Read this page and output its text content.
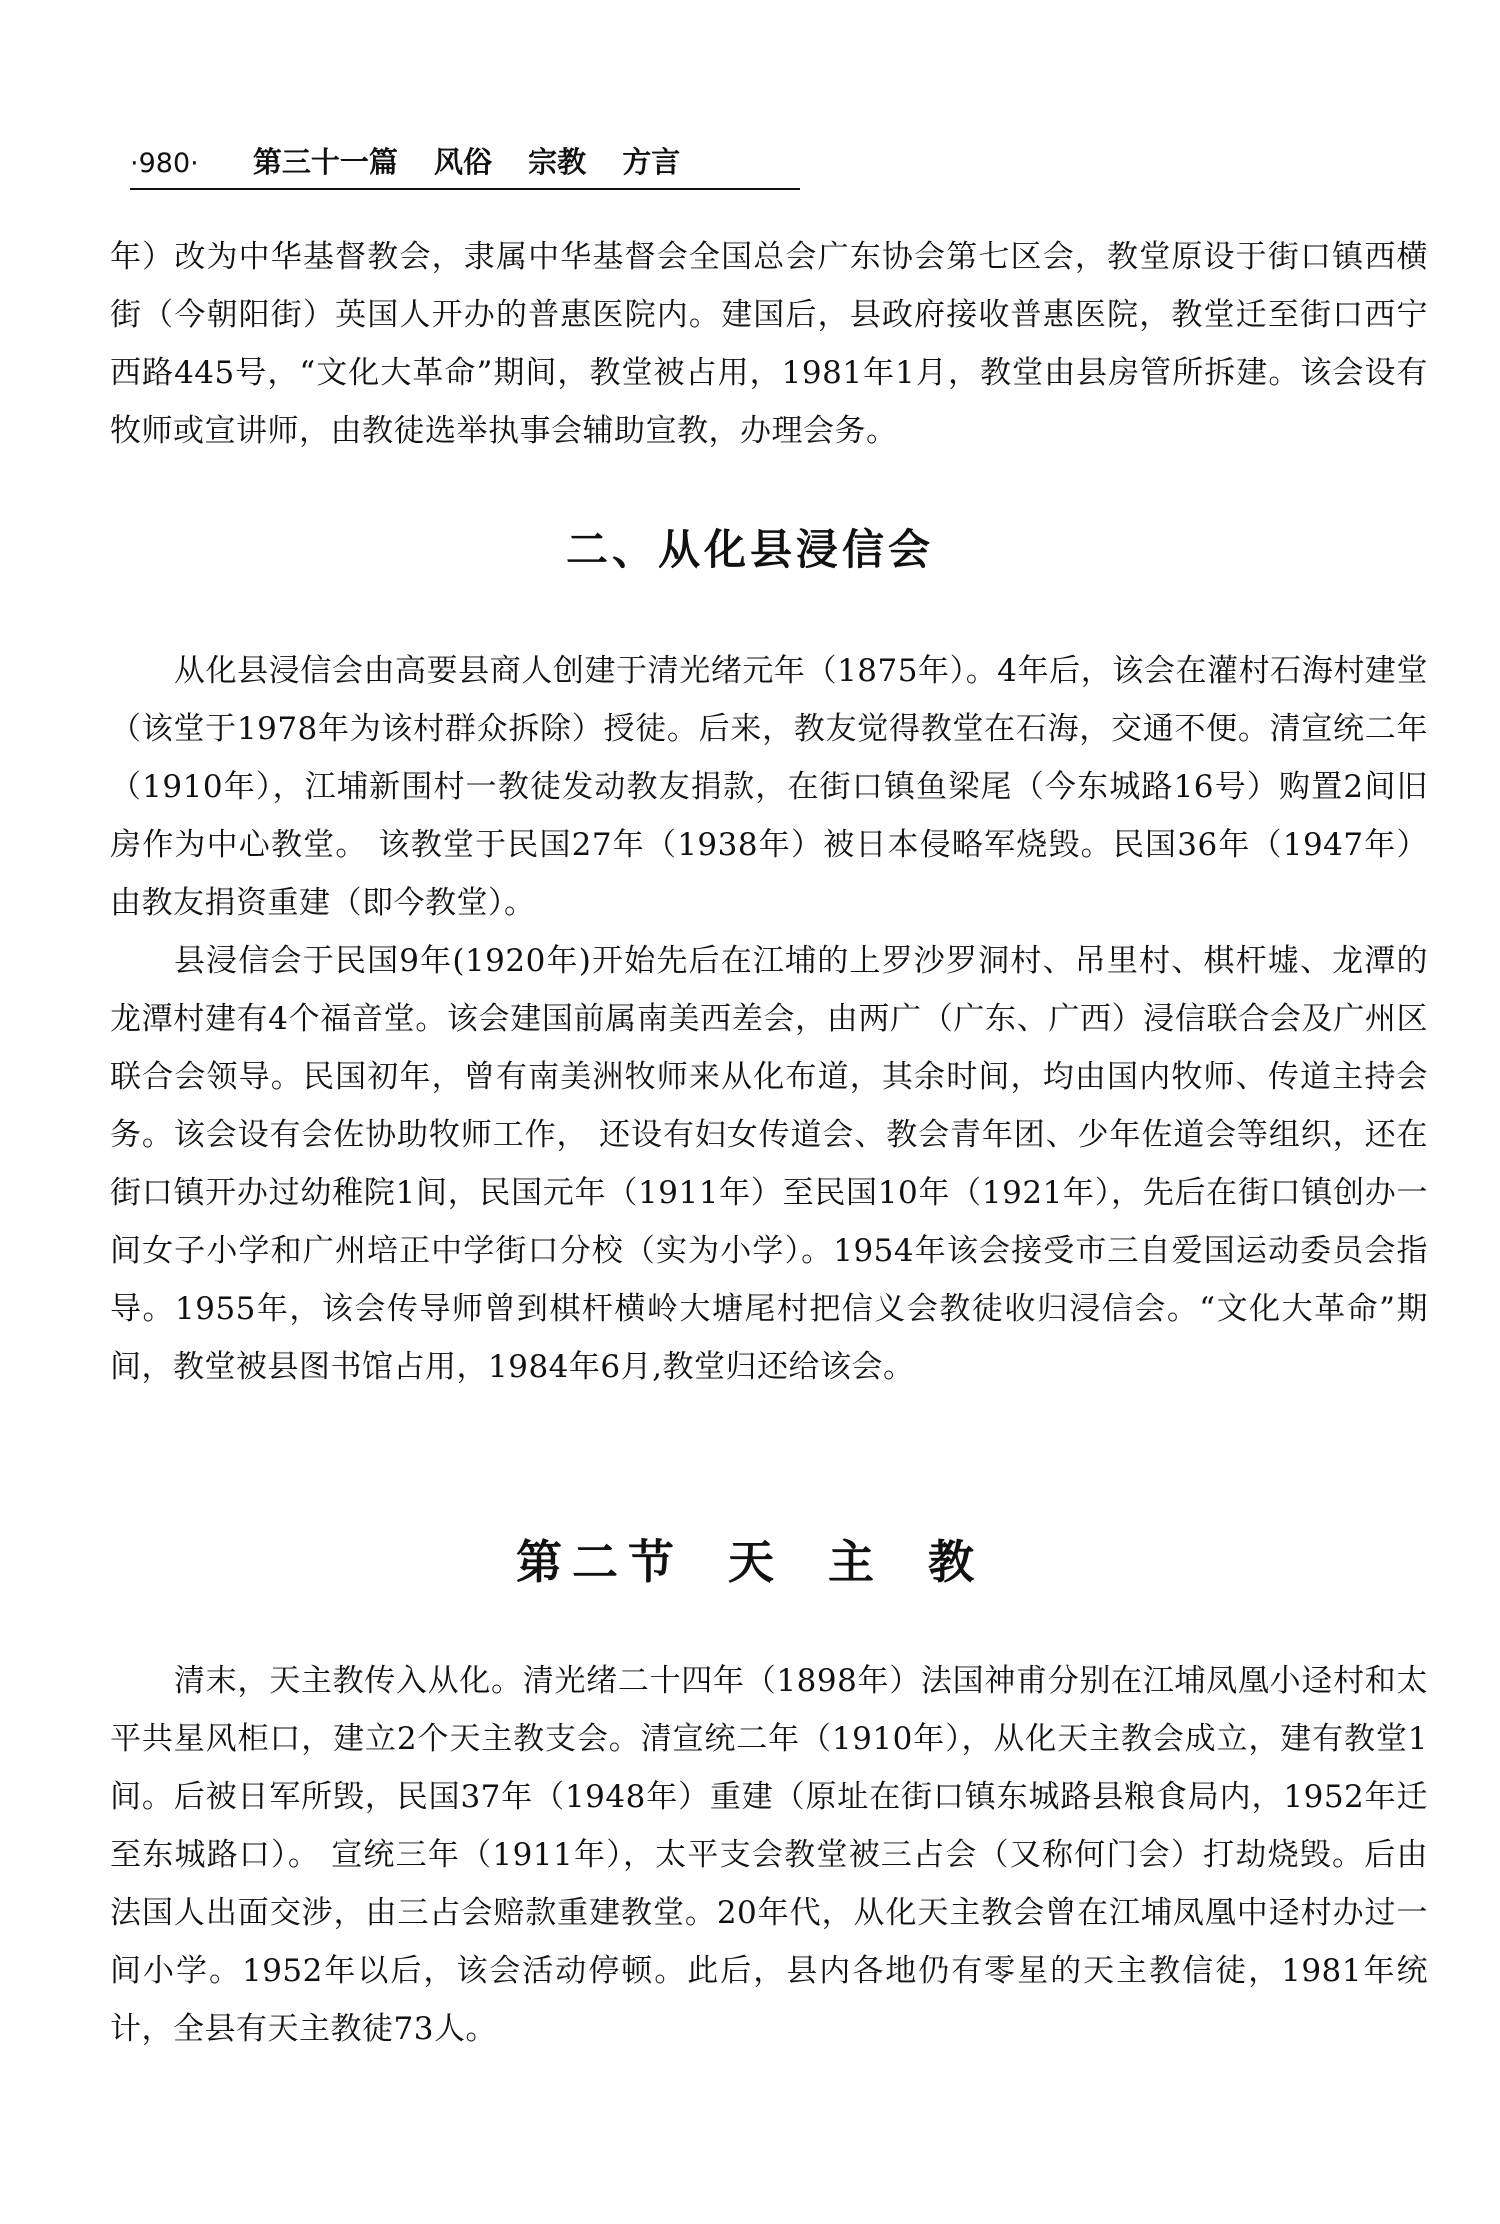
·980· 第三十一篇 风俗 宗教 方言

年）改为中华基督教会，隶属中华基督会全国总会广东协会第七区会，教堂原设于街口镇西横街（今朝阳街）英国人开办的普惠医院内。建国后，县政府接收普惠医院，教堂迁至街口西宁西路445号，“文化大革命”期间，教堂被占用，1981年1月，教堂由县房管所拆建。该会设有牧师或宣讲师，由教徒选举执事会辅助宣教，办理会务。

二、从化县浸信会

从化县浸信会由高要县商人创建于清光绪元年（1875年）。4年后，该会在灌村石海村建堂（该堂于1978年为该村群众拆除）授徒。后来，教友觉得教堂在石海，交通不便。清宣统二年（1910年），江埔新围村一教徒发动教友捐款，在街口镇鱼梁尾（今东城路16号）购置2间旧房作为中心教堂。 该教堂于民国27年（1938年）被日本侵略军烧毁。民国36年（1947年）由教友捐资重建（即今教堂）。

县浸信会于民国9年(1920年)开始先后在江埔的上罗沙罗洞村、吊里村、棋杆墟、龙潭的龙潭村建有4个福音堂。该会建国前属南美西差会，由两广（广东、广西）浸信联合会及广州区联合会领导。民国初年，曾有南美洲牧师来从化布道，其余时间，均由国内牧师、传道主持会务。该会设有会佐协助牧师工作， 还设有妇女传道会、教会青年团、少年佐道会等组织，还在街口镇开办过幼稚院1间，民国元年（1911年）至民国10年（1921年），先后在街口镇创办一间女子小学和广州培正中学街口分校（实为小学）。1954年该会接受市三自爱国运动委员会指导。1955年，该会传导师曾到棋杆横岭大塘尾村把信义会教徒收归浸信会。“文化大革命”期间，教堂被县图书馆占用，1984年6月,教堂归还给该会。

第二节 天 主 教

清末，天主教传入从化。清光绪二十四年（1898年）法国神甫分别在江埔凤凰小迳村和太平共星风柜口，建立2个天主教支会。清宣统二年（1910年），从化天主教会成立，建有教堂1间。后被日军所毁，民国37年（1948年）重建（原址在街口镇东城路县粮食局内，1952年迁至东城路口）。 宣统三年（1911年），太平支会教堂被三占会（又称何门会）打劫烧毁。后由法国人出面交涉，由三占会赔款重建教堂。20年代，从化天主教会曾在江埔凤凰中迳村办过一间小学。1952年以后，该会活动停顿。此后，县内各地仍有零星的天主教信徒，1981年统计，全县有天主教徒73人。
